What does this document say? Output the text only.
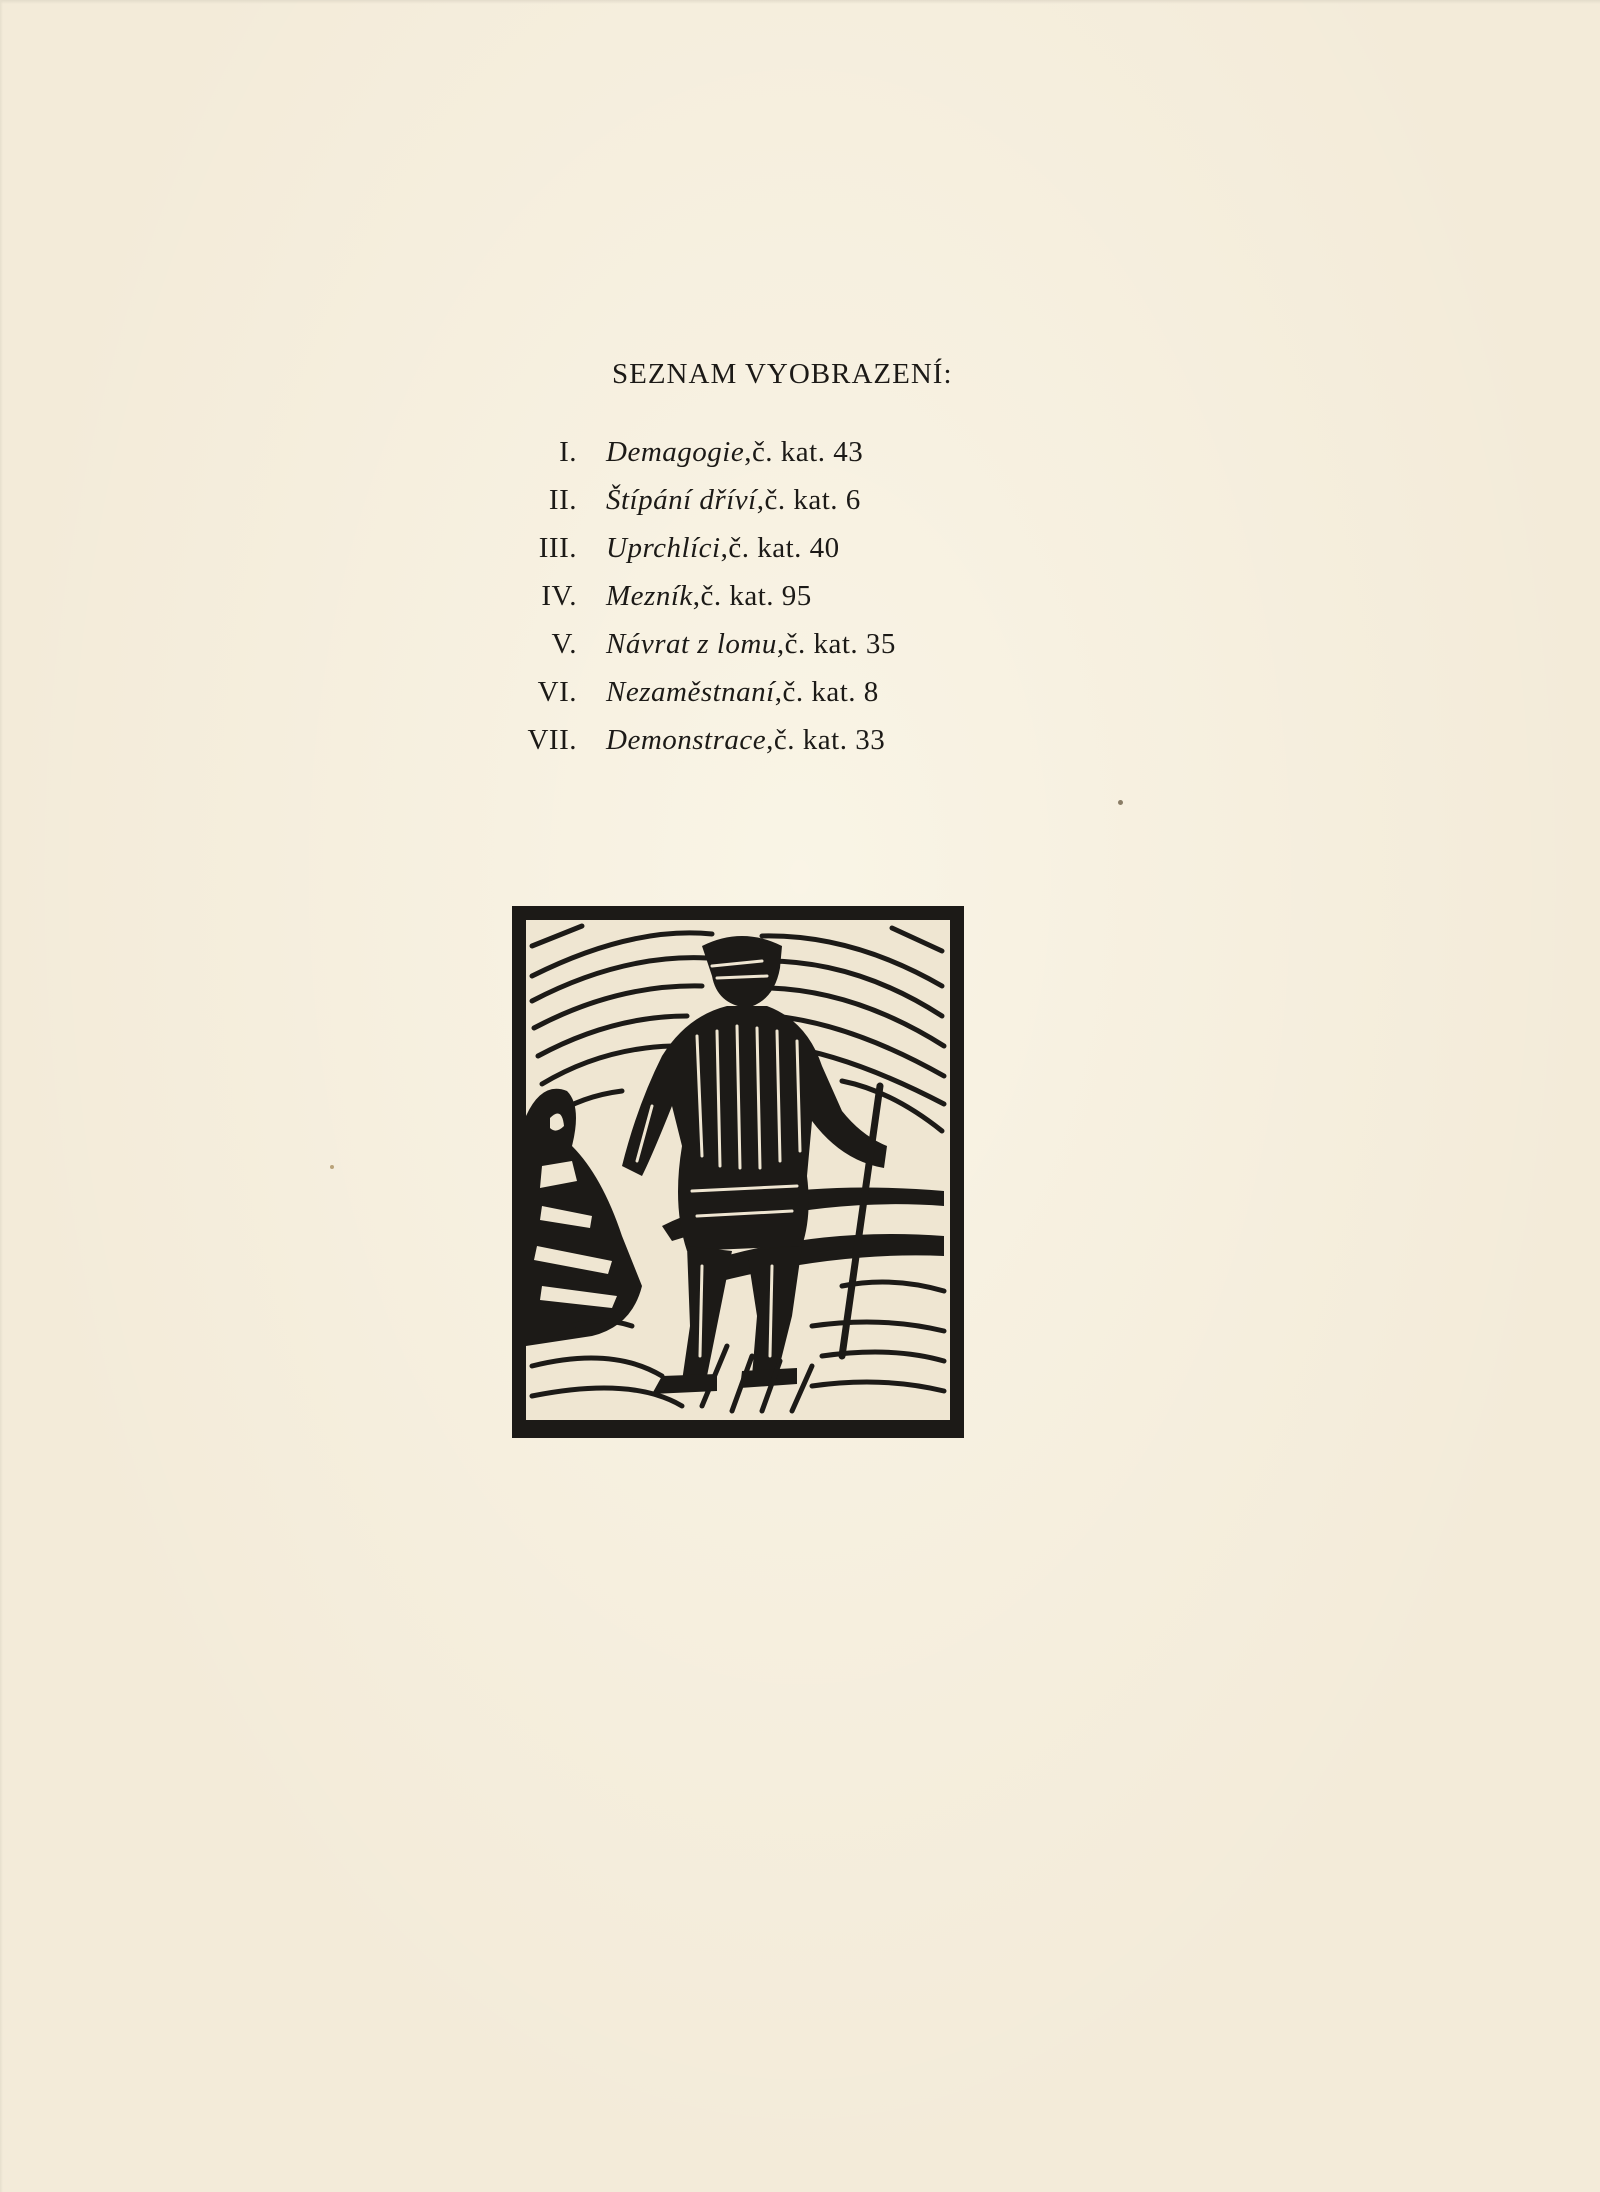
SEZNAM VYOBRAZENÍ:
I.	Demagogie , č. kat. 43
II.	Štípání dříví , č. kat. 6
III.	Uprchlíci , č. kat. 40
IV.	Mezník , č. kat. 95
V.	Návrat z lomu , č. kat. 35
VI.	Nezaměstnaní , č. kat. 8
VII.	Demonstrace , č. kat. 33
